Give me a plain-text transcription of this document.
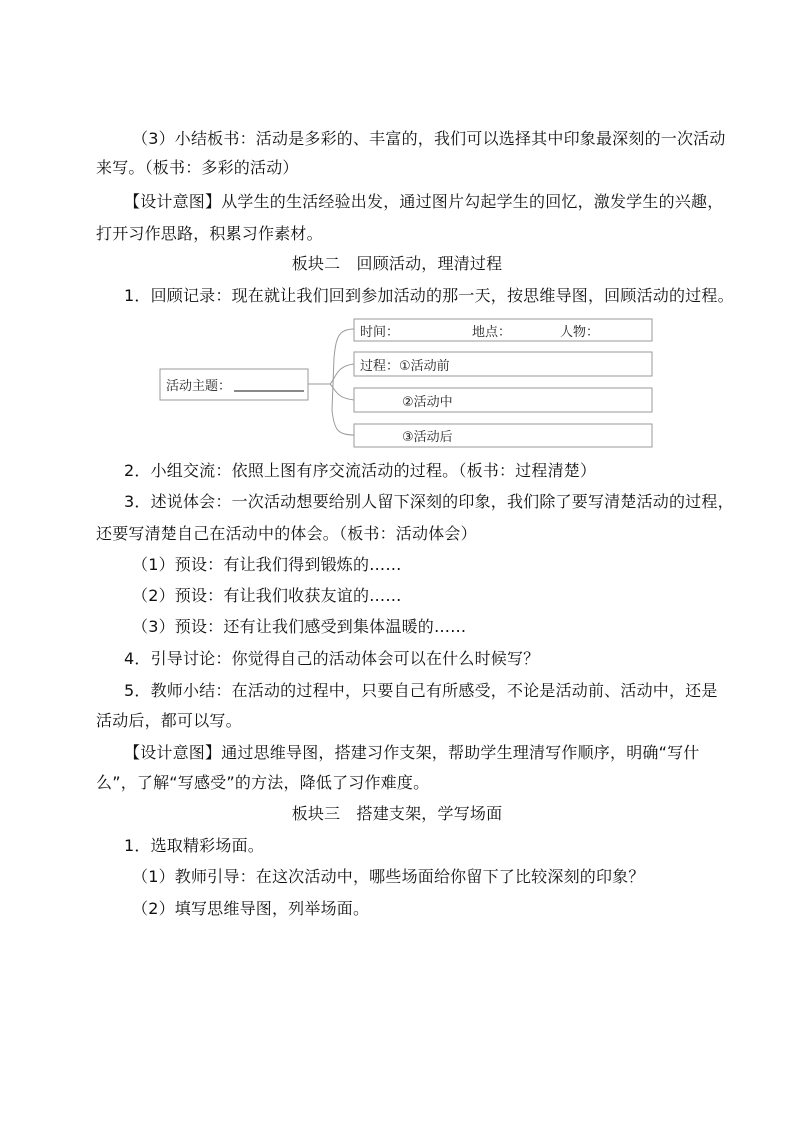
（3）小结板书：活动是多彩的、丰富的，我们可以选择其中印象最深刻的一次活动
来写。（板书：多彩的活动）
【设计意图】从学生的生活经验出发，通过图片勾起学生的回忆，激发学生的兴趣，
打开习作思路，积累习作素材。
板块二　回顾活动，理清过程
1．回顾记录：现在就让我们回到参加活动的那一天，按思维导图，回顾活动的过程。
活动主题：
时间：	地点：	人物：
过程：①活动前
②活动中
③活动后
2．小组交流：依照上图有序交流活动的过程。（板书：过程清楚）
3．述说体会：一次活动想要给别人留下深刻的印象，我们除了要写清楚活动的过程，
还要写清楚自己在活动中的体会。（板书：活动体会）
（1）预设：有让我们得到锻炼的……
（2）预设：有让我们收获友谊的……
（3）预设：还有让我们感受到集体温暖的……
4．引导讨论：你觉得自己的活动体会可以在什么时候写？
5．教师小结：在活动的过程中，只要自己有所感受，不论是活动前、活动中，还是
活动后，都可以写。
【设计意图】通过思维导图，搭建习作支架，帮助学生理清写作顺序，明确“写什
么”，了解“写感受”的方法，降低了习作难度。
板块三　搭建支架，学写场面
1．选取精彩场面。
（1）教师引导：在这次活动中，哪些场面给你留下了比较深刻的印象？
（2）填写思维导图，列举场面。
